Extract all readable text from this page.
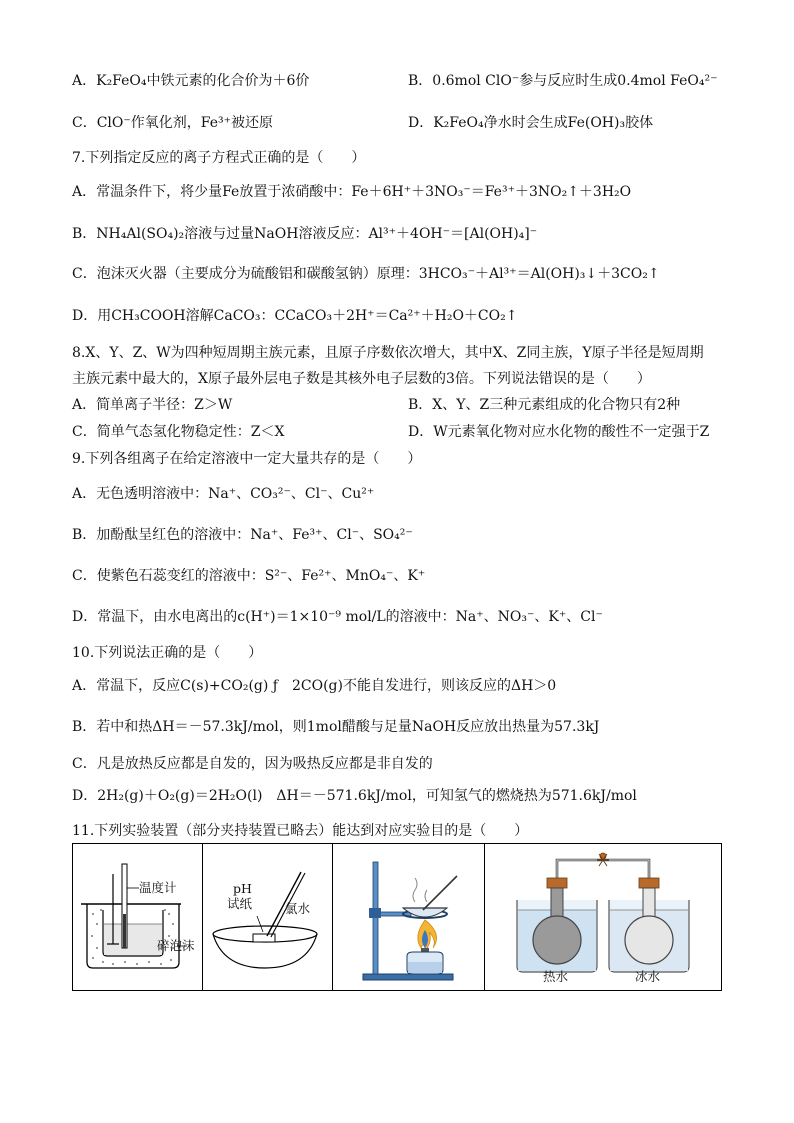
A．K₂FeO₄中铁元素的化合价为＋6价	B．0.6mol ClO⁻参与反应时生成0.4mol FeO₄²⁻
C．ClO⁻作氧化剂，Fe³⁺被还原	D．K₂FeO₄净水时会生成Fe(OH)₃胶体
7.下列指定反应的离子方程式正确的是（　　）
A．常温条件下，将少量Fe放置于浓硝酸中：Fe＋6H⁺＋3NO₃⁻＝Fe³⁺＋3NO₂↑＋3H₂O
B．NH₄Al(SO₄)₂溶液与过量NaOH溶液反应：Al³⁺＋4OH⁻＝[Al(OH)₄]⁻
C．泡沫灭火器（主要成分为硫酸铝和碳酸氢钠）原理：3HCO₃⁻＋Al³⁺＝Al(OH)₃↓＋3CO₂↑
D．用CH₃COOH溶解CaCO₃：CCaCO₃＋2H⁺＝Ca²⁺＋H₂O＋CO₂↑
8.X、Y、Z、W为四种短周期主族元素，且原子序数依次增大，其中X、Z同主族，Y原子半径是短周期
主族元素中最大的，X原子最外层电子数是其核外电子层数的3倍。下列说法错误的是（　　）
A．简单离子半径：Z＞W	B．X、Y、Z三种元素组成的化合物只有2种
C．简单气态氢化物稳定性：Z＜X	D．W元素氧化物对应水化物的酸性不一定强于Z
9.下列各组离子在给定溶液中一定大量共存的是（　　）
A．无色透明溶液中：Na⁺、CO₃²⁻、Cl⁻、Cu²⁺
B．加酚酞呈红色的溶液中：Na⁺、Fe³⁺、Cl⁻、SO₄²⁻
C．使紫色石蕊变红的溶液中：S²⁻、Fe²⁺、MnO₄⁻、K⁺
D．常温下，由水电离出的c(H⁺)＝1×10⁻⁹ mol/L的溶液中：Na⁺、NO₃⁻、K⁺、Cl⁻
10.下列说法正确的是（　　）
A．常温下，反应C(s)+CO₂(g) ƒ　2CO(g)不能自发进行，则该反应的ΔH＞0
B．若中和热ΔH＝－57.3kJ/mol，则1mol醋酸与足量NaOH反应放出热量为57.3kJ
C．凡是放热反应都是自发的，因为吸热反应都是非自发的
D．2H₂(g)＋O₂(g)＝2H₂O(l)　ΔH＝－571.6kJ/mol，可知氢气的燃烧热为571.6kJ/mol
11.下列实验装置（部分夹持装置已略去）能达到对应实验目的是（　　）
温度计
碎泡沫
pH
试纸	氯水
热水	冰水
